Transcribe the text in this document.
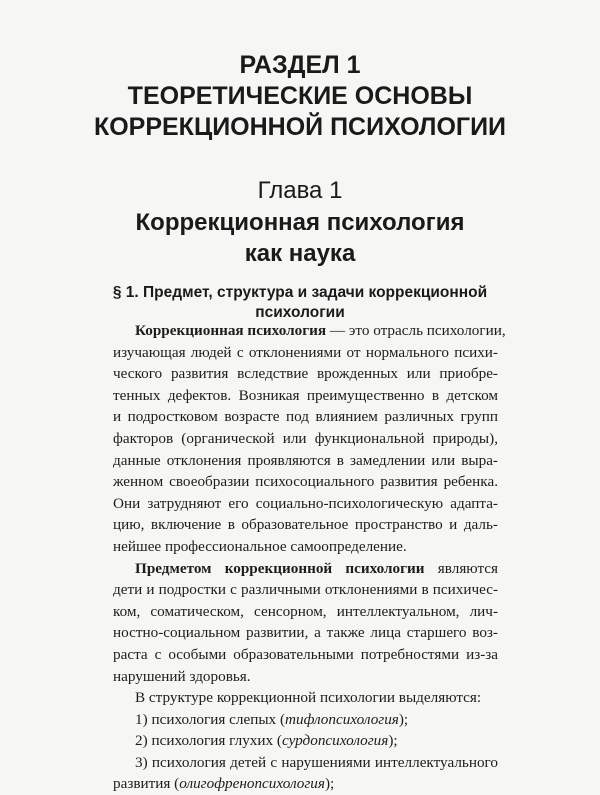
РАЗДЕЛ 1
ТЕОРЕТИЧЕСКИЕ ОСНОВЫ
КОРРЕКЦИОННОЙ ПСИХОЛОГИИ
Глава 1
Коррекционная психология
как наука
§ 1. Предмет, структура и задачи коррекционной
психологии
Коррекционная психология — это отрасль психологии,
изучающая людей с отклонениями от нормального психи-
ческого развития вследствие врожденных или приобре-
тенных дефектов. Возникая преимущественно в детском
и подростковом возрасте под влиянием различных групп
факторов (органической или функциональной природы),
данные отклонения проявляются в замедлении или выра-
женном своеобразии психосоциального развития ребенка.
Они затрудняют его социально-психологическую адапта-
цию, включение в образовательное пространство и даль-
нейшее профессиональное самоопределение.
Предметом коррекционной психологии являются
дети и подростки с различными отклонениями в психичес-
ком, соматическом, сенсорном, интеллектуальном, лич-
ностно-социальном развитии, а также лица старшего воз-
раста с особыми образовательными потребностями из-за
нарушений здоровья.
В структуре коррекционной психологии выделяются:
1) психология слепых (тифлопсихология);
2) психология глухих (сурдопсихология);
3) психология детей с нарушениями интеллектуального
развития (олигофренопсихология);
